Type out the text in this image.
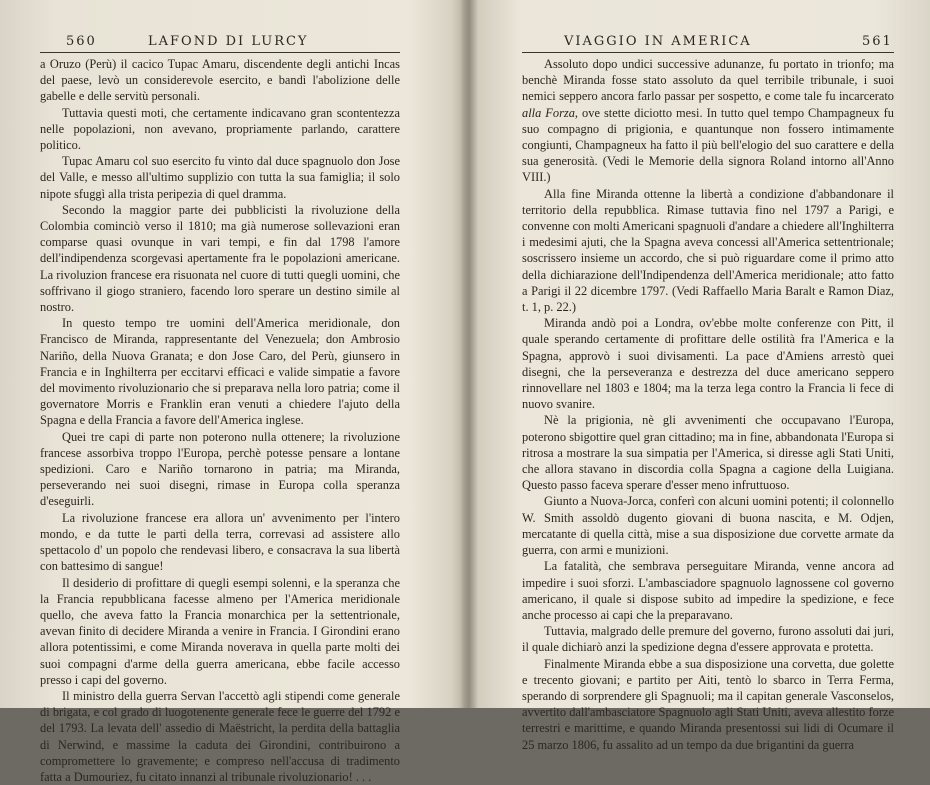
560	LAFOND DI LURCY

a Oruzo (Perù) il cacico Tupac Amaru, discendente degli antichi Incas del paese, levò un considerevole esercito, e bandì l'abolizione delle gabelle e delle servitù personali.

Tuttavia questi moti, che certamente indicavano gran scontentezza nelle popolazioni, non avevano, propriamente parlando, carattere politico.

Tupac Amaru col suo esercito fu vinto dal duce spagnuolo don Jose del Valle, e messo all'ultimo supplizio con tutta la sua famiglia; il solo nipote sfuggì alla trista peripezia di quel dramma.

Secondo la maggior parte dei pubblicisti la rivoluzione della Colombia cominciò verso il 1810; ma già numerose sollevazioni eran comparse quasi ovunque in vari tempi, e fin dal 1798 l'amore dell'indipendenza scorgevasi apertamente fra le popolazioni americane. La rivoluzion francese era risuonata nel cuore di tutti quegli uomini, che soffrivano il giogo straniero, facendo loro sperare un destino simile al nostro.

In questo tempo tre uomini dell'America meridionale, don Francisco de Miranda, rappresentante del Venezuela; don Ambrosio Nariño, della Nuova Granata; e don Jose Caro, del Perù, giunsero in Francia e in Inghilterra per eccitarvi efficaci e valide simpatie a favore del movimento rivoluzionario che si preparava nella loro patria; come il governatore Morris e Franklin eran venuti a chiedere l'ajuto della Spagna e della Francia a favore dell'America inglese.

Quei tre capi di parte non poterono nulla ottenere; la rivoluzione francese assorbiva troppo l'Europa, perchè potesse pensare a lontane spedizioni. Caro e Nariño tornarono in patria; ma Miranda, perseverando nei suoi disegni, rimase in Europa colla speranza d'eseguirli.

La rivoluzione francese era allora un' avvenimento per l'intero mondo, e da tutte le parti della terra, correvasi ad assistere allo spettacolo d' un popolo che rendevasi libero, e consacrava la sua libertà con battesimo di sangue!

Il desiderio di profittare di quegli esempi solenni, e la speranza che la Francia repubblicana facesse almeno per l'America meridionale quello, che aveva fatto la Francia monarchica per la settentrionale, avevan finito di decidere Miranda a venire in Francia. I Girondini erano allora potentissimi, e come Miranda noverava in quella parte molti dei suoi compagni d'arme della guerra americana, ebbe facile accesso presso i capi del governo.

Il ministro della guerra Servan l'accettò agli stipendi come generale di brigata, e col grado di luogotenente generale fece le guerre del 1792 e del 1793. La levata dell' assedio di Maëstricht, la perdita della battaglia di Nerwind, e massime la caduta dei Girondini, contribuirono a compromettere lo gravemente; e compreso nell'accusa di tradimento fatta a Dumouriez, fu citato innanzi al tribunale rivoluzionario! . . .

VIAGGIO IN AMERICA	561

Assoluto dopo undici successive adunanze, fu portato in trionfo; ma benchè Miranda fosse stato assoluto da quel terribile tribunale, i suoi nemici seppero ancora farlo passar per sospetto, e come tale fu incarcerato alla Forza, ove stette diciotto mesi. In tutto quel tempo Champagneux fu suo compagno di prigionia, e quantunque non fossero intimamente congiunti, Champagneux ha fatto il più bell'elogio del suo carattere e della sua generosità. (Vedi le Memorie della signora Roland intorno all'Anno VIII.)

Alla fine Miranda ottenne la libertà a condizione d'abbandonare il territorio della repubblica. Rimase tuttavia fino nel 1797 a Parigi, e convenne con molti Americani spagnuoli d'andare a chiedere all'Inghilterra i medesimi ajuti, che la Spagna aveva concessi all'America settentrionale; soscrissero insieme un accordo, che si può riguardare come il primo atto della dichiarazione dell'Indipendenza dell'America meridionale; atto fatto a Parigi il 22 dicembre 1797. (Vedi Raffaello Maria Baralt e Ramon Diaz, t. 1, p. 22.)

Miranda andò poi a Londra, ov'ebbe molte conferenze con Pitt, il quale sperando certamente di profittare delle ostilità fra l'America e la Spagna, approvò i suoi divisamenti. La pace d'Amiens arrestò quei disegni, che la perseveranza e destrezza del duce americano seppero rinnovellare nel 1803 e 1804; ma la terza lega contro la Francia li fece di nuovo svanire.

Nè la prigionia, nè gli avvenimenti che occupavano l'Europa, poterono sbigottire quel gran cittadino; ma in fine, abbandonata l'Europa si ritrosa a mostrare la sua simpatia per l'America, si diresse agli Stati Uniti, che allora stavano in discordia colla Spagna a cagione della Luigiana. Questo passo faceva sperare d'esser meno infruttuoso.

Giunto a Nuova-Jorca, conferì con alcuni uomini potenti; il colonnello W. Smith assoldò dugento giovani di buona nascita, e M. Odjen, mercatante di quella città, mise a sua disposizione due corvette armate da guerra, con armi e munizioni.

La fatalità, che sembrava perseguitare Miranda, venne ancora ad impedire i suoi sforzi. L'ambasciadore spagnuolo lagnossene col governo americano, il quale si dispose subito ad impedire la spedizione, e fece anche processo ai capi che la preparavano.

Tuttavia, malgrado delle premure del governo, furono assoluti dai juri, il quale dichiarò anzi la spedizione degna d'essere approvata e protetta.

Finalmente Miranda ebbe a sua disposizione una corvetta, due golette e trecento giovani; e partito per Aiti, tentò lo sbarco in Terra Ferma, sperando di sorprendere gli Spagnuoli; ma il capitan generale Vasconselos, avvertito dall'ambasciatore Spagnuolo agli Stati Uniti, aveva allestito forze terrestri e marittime, e quando Miranda presentossi sui lidi di Ocumare il 25 marzo 1806, fu assalito ad un tempo da due brigantini da guerra
